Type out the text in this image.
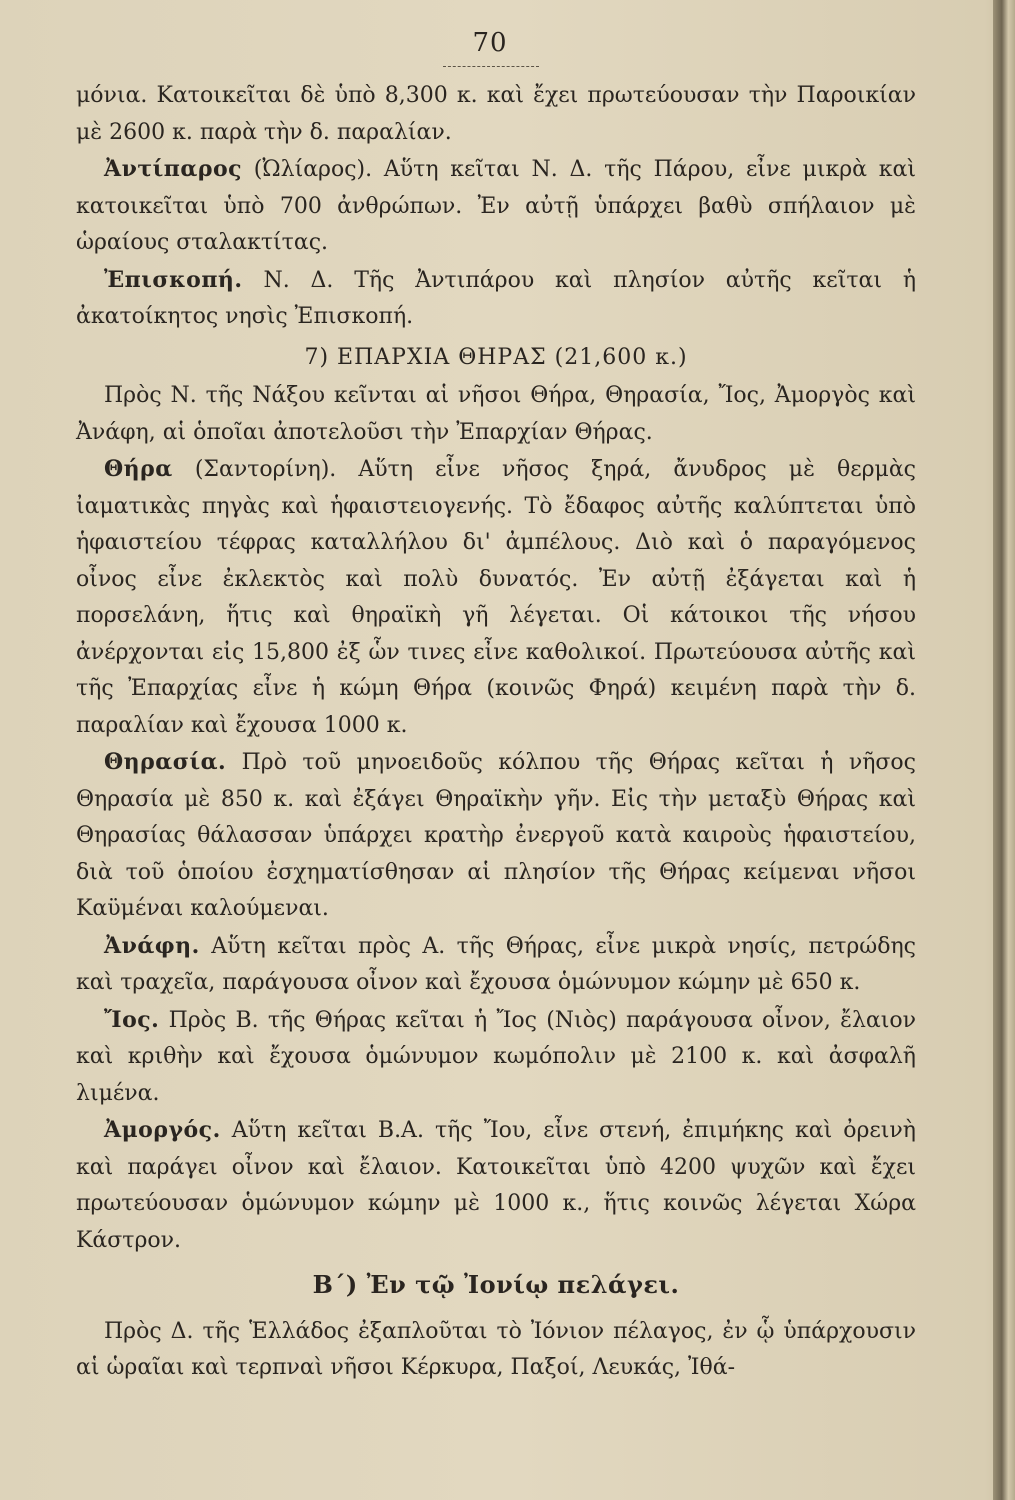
70

μόνια. Κατοικεῖται δὲ ὑπὸ 8,300 κ. καὶ ἔχει πρωτεύουσαν τὴν Παροικίαν μὲ 2600 κ. παρὰ τὴν δ. παραλίαν.

Ἀντίπαρος (Ὠλίαρος). Αὕτη κεῖται Ν. Δ. τῆς Πάρου, εἶνε μικρὰ καὶ κατοικεῖται ὑπὸ 700 ἀνθρώπων. Ἐν αὐτῇ ὑπάρχει βαθὺ σπήλαιον μὲ ὡραίους σταλακτίτας.

Ἐπισκοπή. Ν. Δ. Τῆς Ἀντιπάρου καὶ πλησίον αὐτῆς κεῖται ἡ ἀκατοίκητος νησὶς Ἐπισκοπή.

7) ΕΠΑΡΧΙΑ ΘΗΡΑΣ (21,600 κ.)

Πρὸς Ν. τῆς Νάξου κεῖνται αἱ νῆσοι Θήρα, Θηρασία, Ἴος, Ἀμοργὸς καὶ Ἀνάφη, αἱ ὁποῖαι ἀποτελοῦσι τὴν Ἐπαρχίαν Θήρας.

Θήρα (Σαντορίνη). Αὕτη εἶνε νῆσος ξηρά, ἄνυδρος μὲ θερμὰς ἰαματικὰς πηγὰς καὶ ἡφαιστειογενής. Τὸ ἔδαφος αὐτῆς καλύπτεται ὑπὸ ἡφαιστείου τέφρας καταλλήλου δι' ἀμπέλους. Διὸ καὶ ὁ παραγόμενος οἶνος εἶνε ἐκλεκτὸς καὶ πολὺ δυνατός. Ἐν αὐτῇ ἐξάγεται καὶ ἡ πορσελάνη, ἥτις καὶ θηραϊκὴ γῆ λέγεται. Οἱ κάτοικοι τῆς νήσου ἀνέρχονται εἰς 15,800 ἐξ ὧν τινες εἶνε καθολικοί. Πρωτεύουσα αὐτῆς καὶ τῆς Ἐπαρχίας εἶνε ἡ κώμη Θήρα (κοινῶς Φηρά) κειμένη παρὰ τὴν δ. παραλίαν καὶ ἔχουσα 1000 κ.

Θηρασία. Πρὸ τοῦ μηνοειδοῦς κόλπου τῆς Θήρας κεῖται ἡ νῆσος Θηρασία μὲ 850 κ. καὶ ἐξάγει Θηραϊκὴν γῆν. Εἰς τὴν μεταξὺ Θήρας καὶ Θηρασίας θάλασσαν ὑπάρχει κρατὴρ ἐνεργοῦ κατὰ καιροὺς ἡφαιστείου, διὰ τοῦ ὁποίου ἐσχηματίσθησαν αἱ πλησίον τῆς Θήρας κείμεναι νῆσοι Καϋμέναι καλούμεναι.

Ἀνάφη. Αὕτη κεῖται πρὸς Α. τῆς Θήρας, εἶνε μικρὰ νησίς, πετρώδης καὶ τραχεῖα, παράγουσα οἶνον καὶ ἔχουσα ὁμώνυμον κώμην μὲ 650 κ.

Ἴος. Πρὸς Β. τῆς Θήρας κεῖται ἡ Ἴος (Νιὸς) παράγουσα οἶνον, ἔλαιον καὶ κριθὴν καὶ ἔχουσα ὁμώνυμον κωμόπολιν μὲ 2100 κ. καὶ ἀσφαλῆ λιμένα.

Ἀμοργός. Αὕτη κεῖται Β.Α. τῆς Ἴου, εἶνε στενή, ἐπιμήκης καὶ ὀρεινὴ καὶ παράγει οἶνον καὶ ἔλαιον. Κατοικεῖται ὑπὸ 4200 ψυχῶν καὶ ἔχει πρωτεύουσαν ὁμώνυμον κώμην μὲ 1000 κ., ἥτις κοινῶς λέγεται Χώρα Κάστρον.

Β΄) Ἐν τῷ Ἰονίῳ πελάγει.

Πρὸς Δ. τῆς Ἑλλάδος ἐξαπλοῦται τὸ Ἰόνιον πέλαγος, ἐν ᾧ ὑπάρχουσιν αἱ ὡραῖαι καὶ τερπναὶ νῆσοι Κέρκυρα, Παξοί, Λευκάς, Ἰθά-
